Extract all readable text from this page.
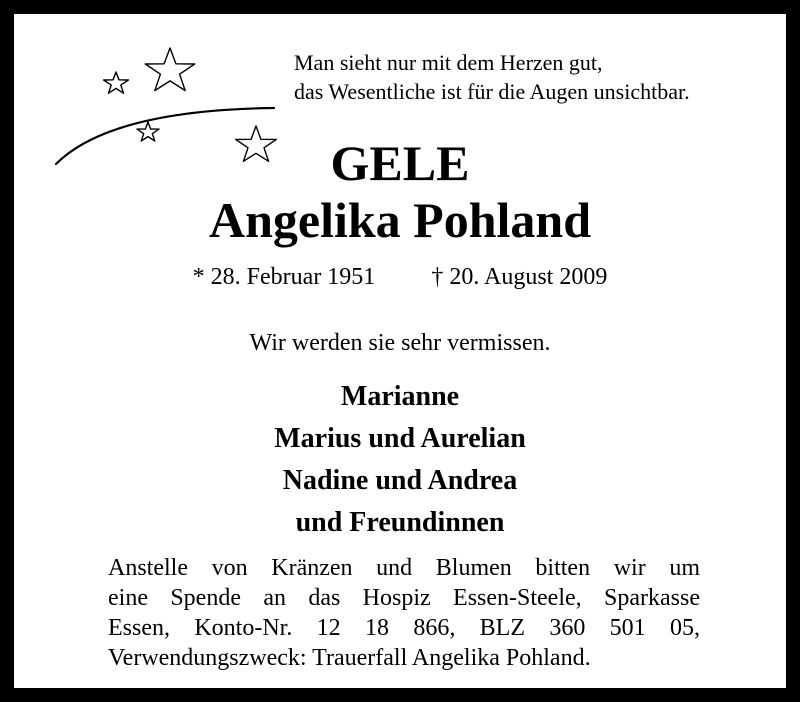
Man sieht nur mit dem Herzen gut,
das Wesentliche ist für die Augen unsichtbar.
GELE
Angelika Pohland
* 28. Februar 1951 † 20. August 2009
Wir werden sie sehr vermissen.
Marianne
Marius und Aurelian
Nadine und Andrea
und Freundinnen
Anstelle von Kränzen und Blumen bitten wir um
eine Spende an das Hospiz Essen-Steele, Sparkasse
Essen, Konto-Nr. 12 18 866, BLZ 360 501 05,
Verwendungszweck: Trauerfall Angelika Pohland.
